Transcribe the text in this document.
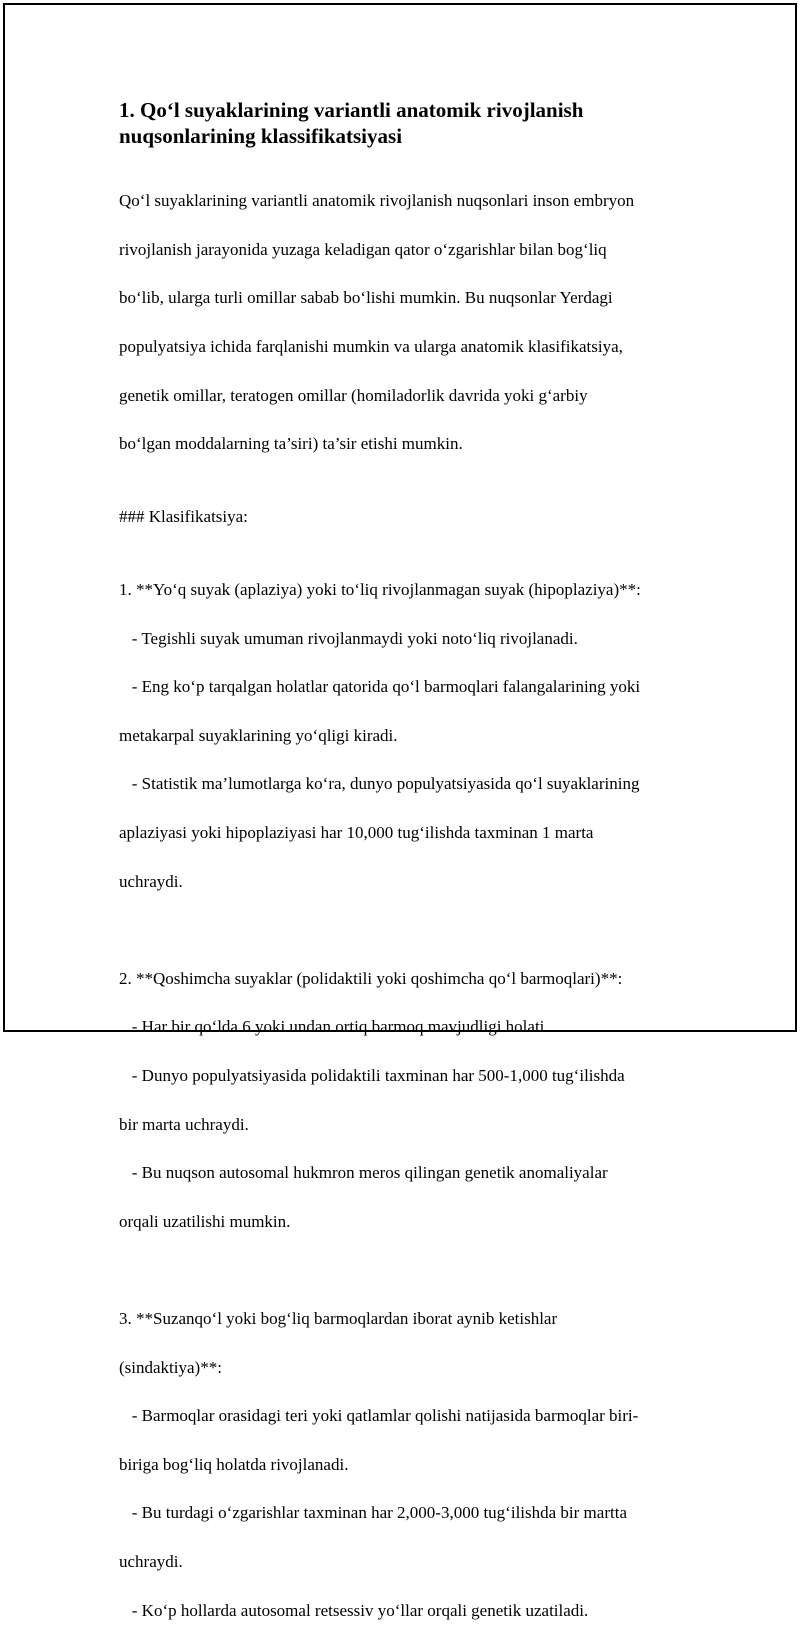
1. Qo‘l suyaklarining variantli anatomik rivojlanish
nuqsonlarining klassifikatsiyasi

Qo‘l suyaklarining variantli anatomik rivojlanish nuqsonlari inson embryon

rivojlanish jarayonida yuzaga keladigan qator o‘zgarishlar bilan bog‘liq

bo‘lib, ularga turli omillar sabab bo‘lishi mumkin. Bu nuqsonlar Yerdagi

populyatsiya ichida farqlanishi mumkin va ularga anatomik klasifikatsiya,

genetik omillar, teratogen omillar (homiladorlik davrida yoki g‘arbiy

bo‘lgan moddalarning ta’siri) ta’sir etishi mumkin.

### Klasifikatsiya:

1. **Yo‘q suyak (aplaziya) yoki to‘liq rivojlanmagan suyak (hipoplaziya)**:

- Tegishli suyak umuman rivojlanmaydi yoki noto‘liq rivojlanadi.

- Eng ko‘p tarqalgan holatlar qatorida qo‘l barmoqlari falangalarining yoki

metakarpal suyaklarining yo‘qligi kiradi.

- Statistik ma’lumotlarga ko‘ra, dunyo populyatsiyasida qo‘l suyaklarining

aplaziyasi yoki hipoplaziyasi har 10,000 tug‘ilishda taxminan 1 marta

uchraydi.

2. **Qoshimcha suyaklar (polidaktili yoki qoshimcha qo‘l barmoqlari)**:

- Har bir qo‘lda 6 yoki undan ortiq barmoq mavjudligi holati.

- Dunyo populyatsiyasida polidaktili taxminan har 500-1,000 tug‘ilishda

bir marta uchraydi.

- Bu nuqson autosomal hukmron meros qilingan genetik anomaliyalar

orqali uzatilishi mumkin.

3. **Suzanqo‘l yoki bog‘liq barmoqlardan iborat aynib ketishlar

(sindaktiya)**:

- Barmoqlar orasidagi teri yoki qatlamlar qolishi natijasida barmoqlar biri-

biriga bog‘liq holatda rivojlanadi.

- Bu turdagi o‘zgarishlar taxminan har 2,000-3,000 tug‘ilishda bir martta

uchraydi.

- Ko‘p hollarda autosomal retsessiv yo‘llar orqali genetik uzatiladi.
